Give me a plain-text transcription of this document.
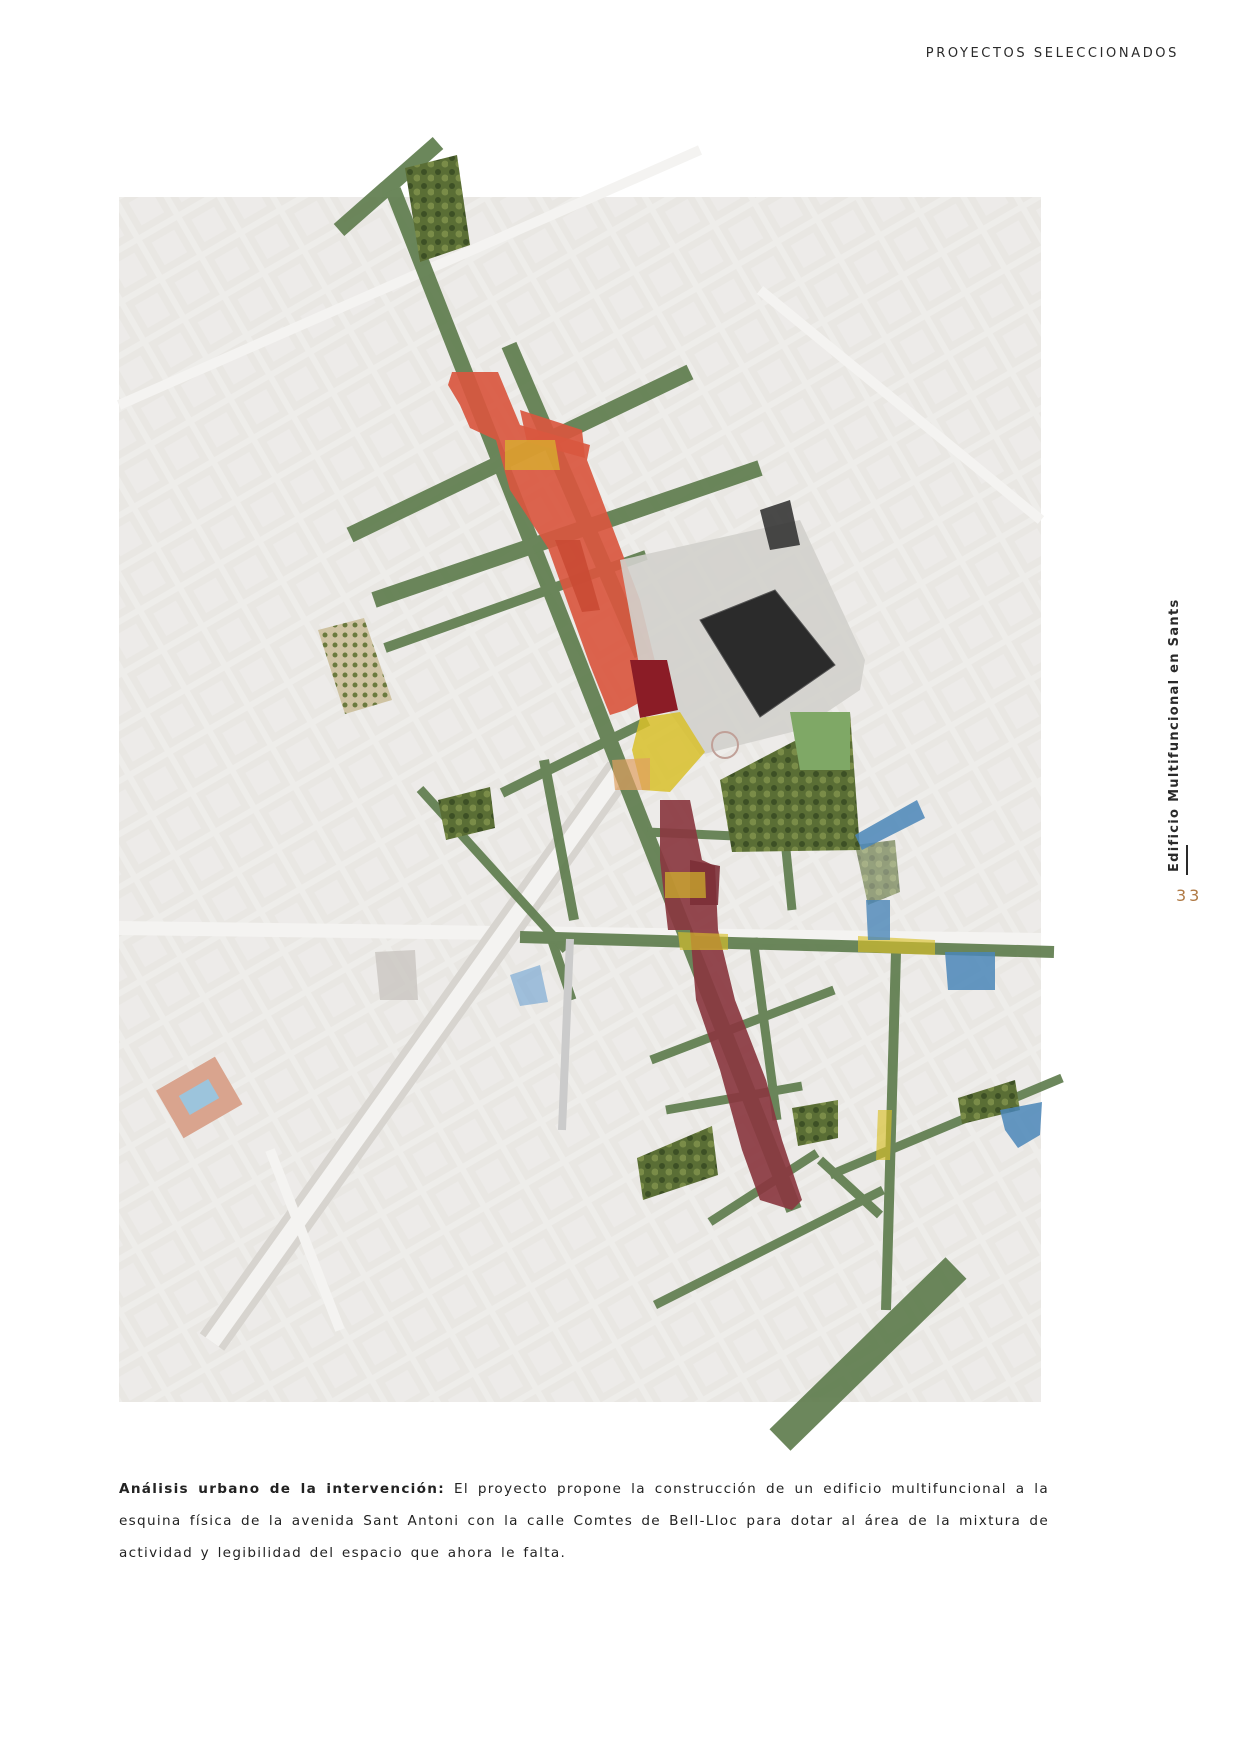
PROYECTOS SELECCIONADOS
Edificio Multifuncional en Sants
33

Análisis urbano de la intervención: El proyecto propone la construcción de un edificio multifuncional a la esquina física de la avenida Sant Antoni con la calle Comtes de Bell-Lloc para dotar al área de la mixtura de actividad y legibilidad del espacio que ahora le falta.
